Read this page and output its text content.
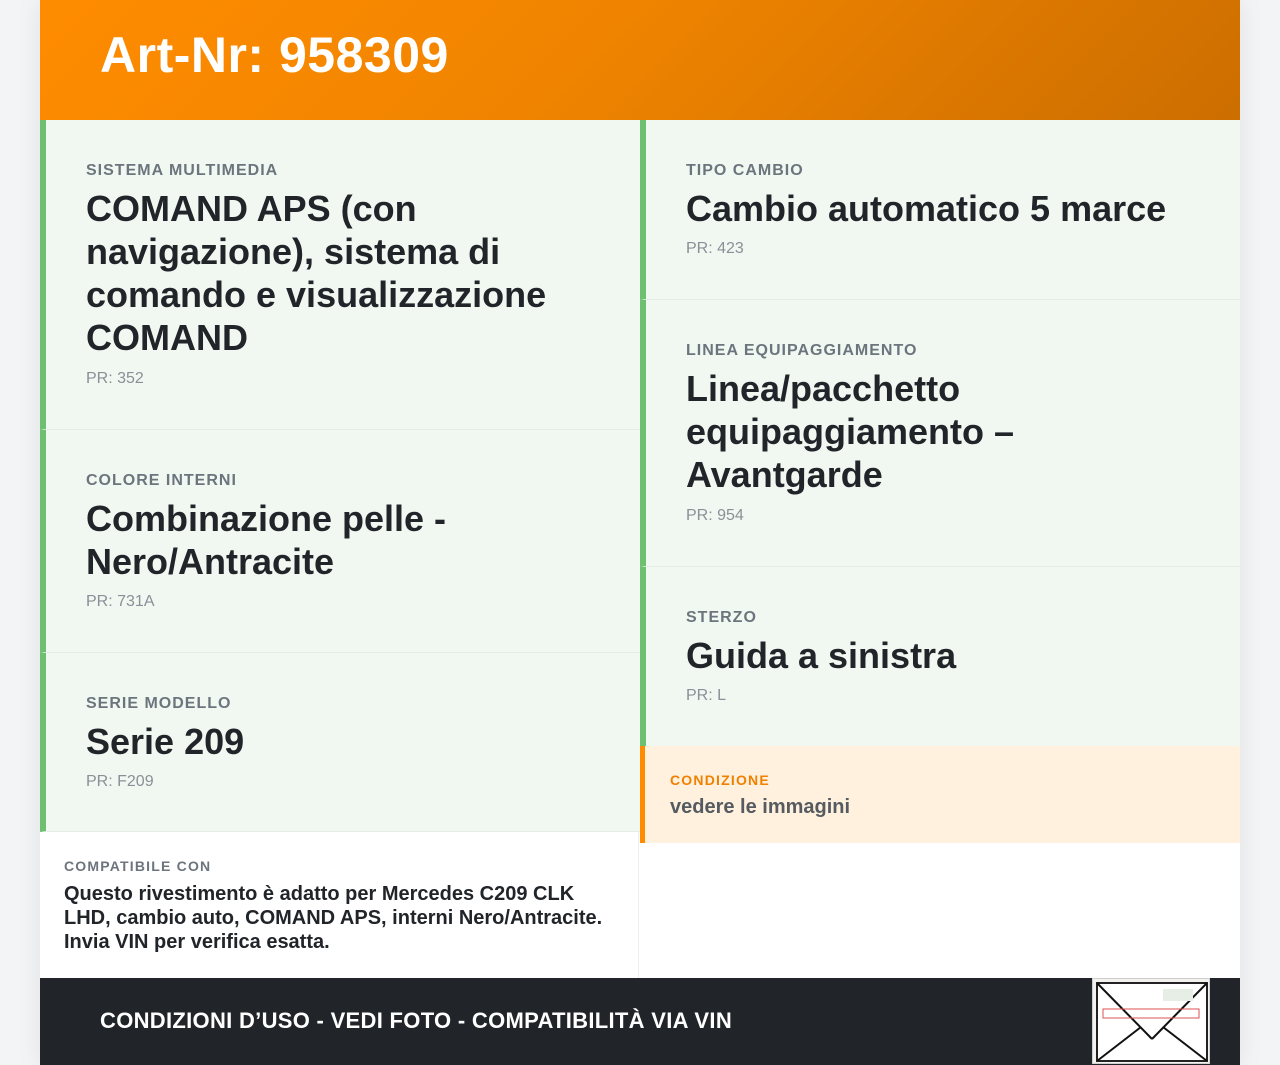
Art-Nr: 958309
SISTEMA MULTIMEDIA
COMAND APS (con navigazione), sistema di comando e visualizzazione COMAND
PR: 352
COLORE INTERNI
Combinazione pelle - Nero/Antracite
PR: 731A
SERIE MODELLO
Serie 209
PR: F209
TIPO CAMBIO
Cambio automatico 5 marce
PR: 423
LINEA EQUIPAGGIAMENTO
Linea/pacchetto equipaggiamento – Avantgarde
PR: 954
STERZO
Guida a sinistra
PR: L
COMPATIBILE CON
Questo rivestimento è adatto per Mercedes C209 CLK LHD, cambio auto, COMAND APS, interni Nero/Antracite. Invia VIN per verifica esatta.
CONDIZIONE
vedere le immagini
CONDIZIONI D’USO - VEDI FOTO - COMPATIBILITÀ VIA VIN
